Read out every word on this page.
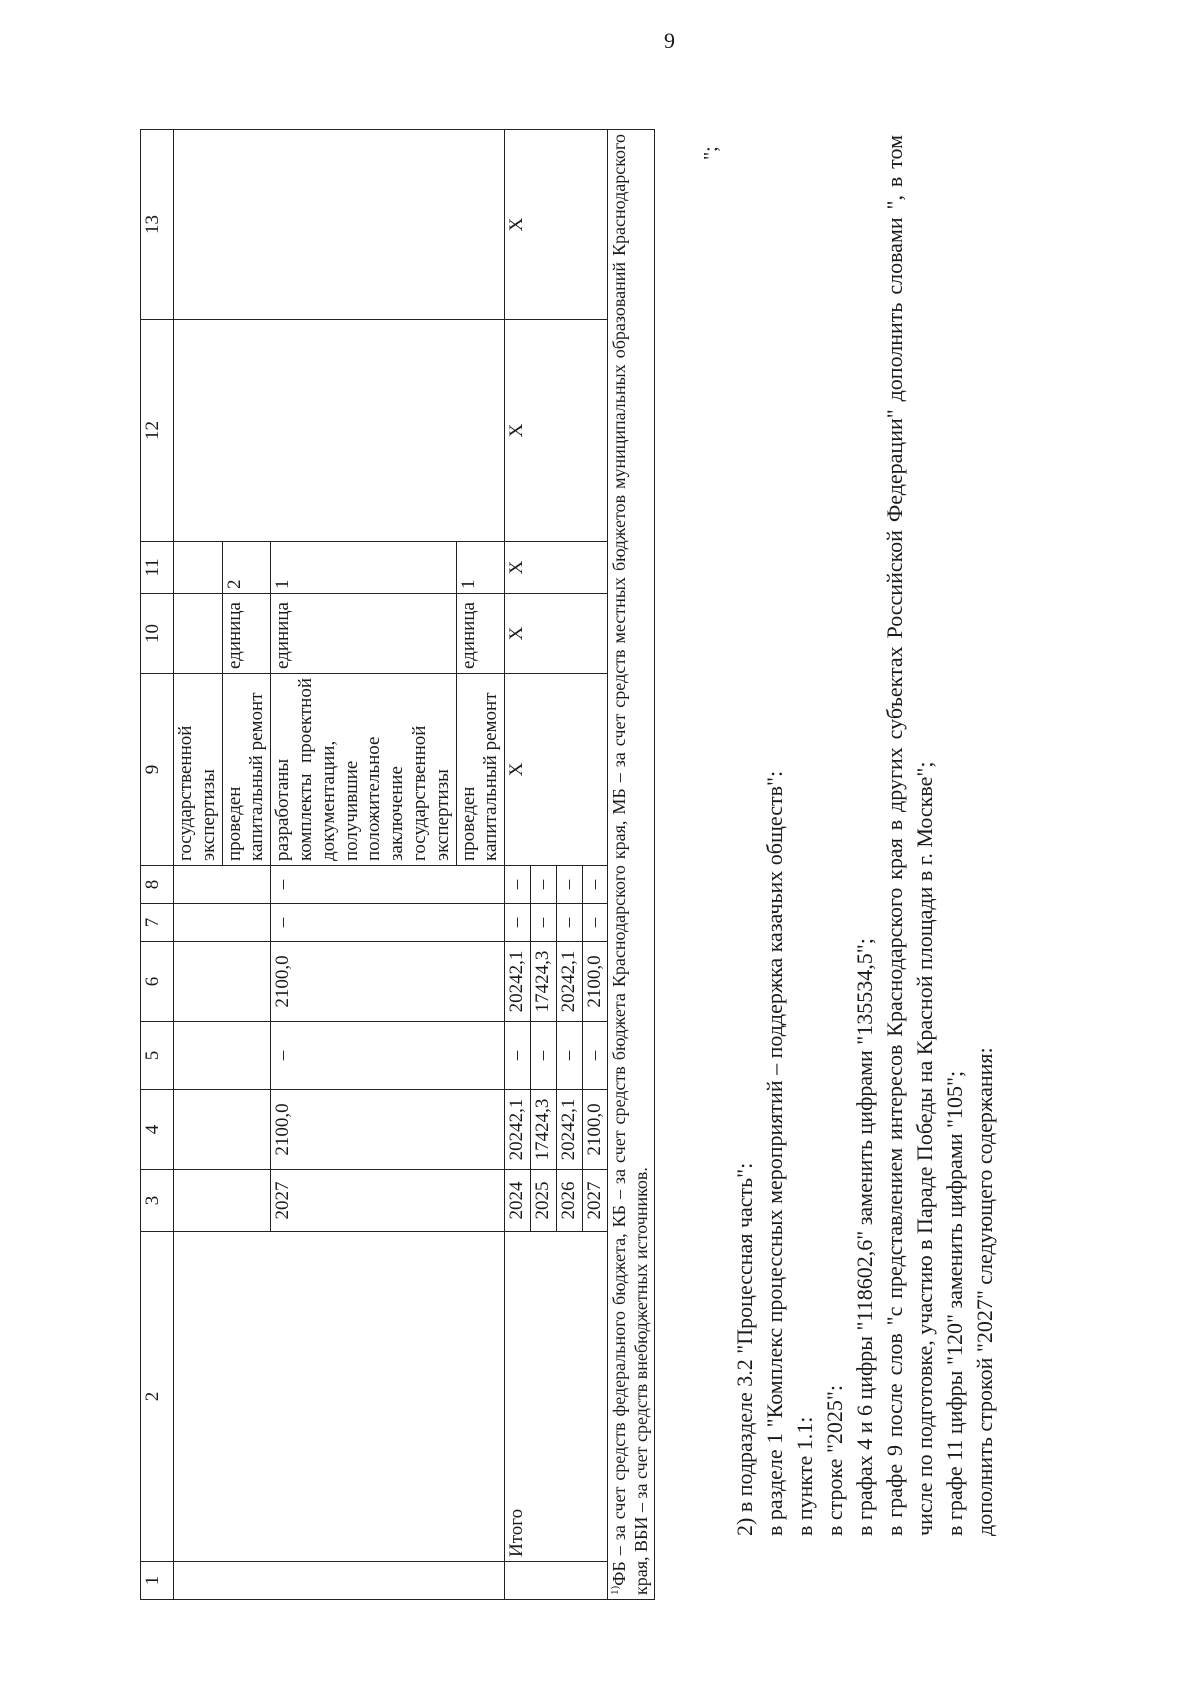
9
1	2	3	4	5	6	7	8	9	10	11	12	13
								государственной экспертизы				
								проведен капитальный ремонт	единица	2		
		2027	2100,0	–	2100,0	–	–	разработаны комплекты проектной документации, получившие положительное заключение государственной экспертизы	единица	1		
								проведен капитальный ремонт	единица	1		
	Итого	2024	20242,1	–	20242,1	–	–	Х	Х	Х	Х	Х
		2025	17424,3	–	17424,3	–	–					
		2026	20242,1	–	20242,1	–	–					
		2027	2100,0	–	2100,0	–	–					
$^{1)}$ФБ – за счет средств федерального бюджета, КБ – за счет средств бюджета Краснодарского края, МБ – за счет средств местных бюджетов муниципальных образований Краснодарского края, ВБИ – за счет средств внебюджетных источников.												
";

2) в подразделе 3.2 "Процессная часть": в разделе 1 "Комплекс процессных мероприятий – поддержка казачьих обществ": в пункте 1.1: в строке "2025": в графах 4 и 6 цифры "118602,6" заменить цифрами "135534,5"; в графе 9 после слов "с представлением интересов Краснодарского края в других субъектах Российской Федерации" дополнить словами ", в том числе по подготовке, участию в Параде Победы на Красной площади в г. Москве"; в графе 11 цифры "120" заменить цифрами "105"; дополнить строкой "2027" следующего содержания:
